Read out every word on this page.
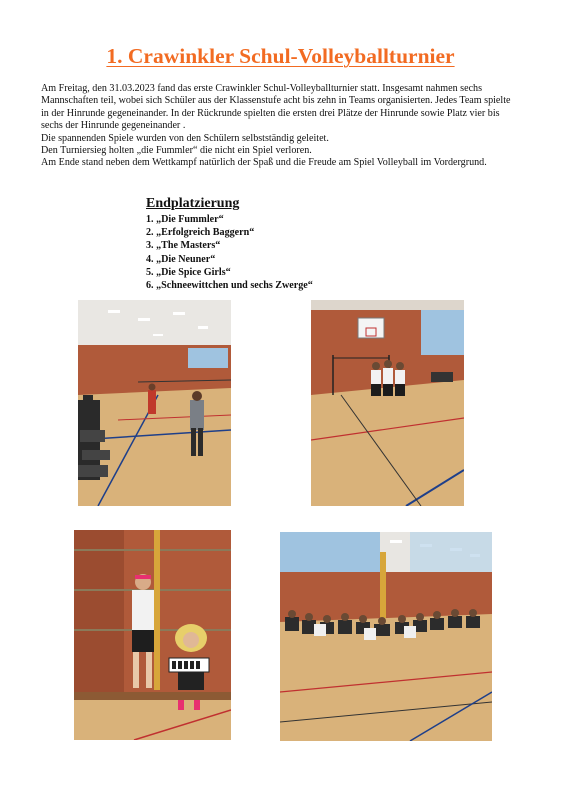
1. Crawinkler Schul-Volleyballturnier

Am Freitag, den 31.03.2023 fand das erste Crawinkler Schul-Volleyballturnier statt. Insgesamt nahmen sechs Mannschaften teil, wobei sich Schüler aus der Klassenstufe acht bis zehn in Teams organisierten. Jedes Team spielte in der Hinrunde gegeneinander. In der Rückrunde spielten die ersten drei Plätze der Hinrunde sowie Platz vier bis sechs der Hinrunde gegeneinander .

Die spannenden Spiele wurden von den Schülern selbstständig geleitet.

Den Turniersieg holten „die Fummler“ die nicht ein Spiel verloren.

Am Ende stand neben dem Wettkampf natürlich der Spaß und die Freude am Spiel Volleyball im Vordergrund.

Endplatzierung
1. „Die Fummler“
2. „Erfolgreich Baggern“
3. „The Masters“
4. „Die Neuner“
5. „Die Spice Girls“
6. „Schneewittchen und sechs Zwerge“
